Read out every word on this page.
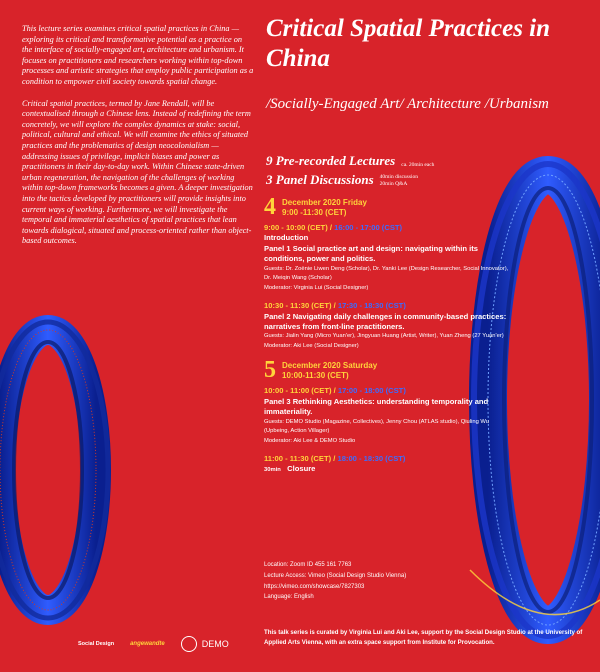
This lecture series examines critical spatial practices in China — exploring its critical and transformative potential as a practice on the interface of socially-engaged art, architecture and urbanism. It focuses on practitioners and researchers working within top-down processes and artistic strategies that employ public participation as a condition to empower civil society towards spatial change.

Critical spatial practices, termed by Jane Rendall, will be contextualised through a Chinese lens. Instead of redefining the term concretely, we will explore the complex dynamics at stake: social, political, cultural and ethical. We will examine the ethics of situated practices and the problematics of design neocolonialism — addressing issues of privilege, implicit biases and power as practitioners in their day-to-day work. Within Chinese state-driven urban regeneration, the navigation of the challenges of working within top-down frameworks becomes a given. A deeper investigation into the tactics developed by practitioners will provide insights into current ways of working. Furthermore, we will investigate the temporal and immaterial aesthetics of spatial practices that lean towards dialogical, situated and process-oriented rather than object-based outcomes.

Critical Spatial Practices in China
/Socially-Engaged Art/ Architecture /Urbanism
9 Pre-recorded Lectures ca. 20min each
3 Panel Discussions 40min discussion
20min Q&A
4 December 2020 Friday
9:00 -11:30 (CET)
9:00 - 10:00 (CET) / 16:00 - 17:00 (CST)
Introduction
Panel 1 Social practice art and design: navigating within its conditions, power and politics.
Guests: Dr. Zoënie Liwen Deng (Scholar), Dr. Yanki Lee (Design Researcher, Social Innovator), Dr. Meiqin Wang (Scholar)
Moderator: Virginia Lui (Social Designer)
10:30 - 11:30 (CET) / 17:30 - 18:30 (CST)
Panel 2 Navigating daily challenges in community-based practices: narratives from front-line practitioners.
Guests: Jialin Yang (Micro Yuan'er), Jingyuan Huang (Artist, Writer), Yuan Zheng (27 Yuan'er)
Moderator: Aki Lee (Social Designer)
5 December 2020 Saturday
10:00-11:30 (CET)
10:00 - 11:00 (CET) / 17:00 - 18:00 (CST)
Panel 3 Rethinking Aesthetics: understanding temporality and immateriality.
Guests: DEMO Studio (Magazine, Collectives), Jenny Chou (ATLAS studio), Qiuling Wu (Upbeing, Action Villager)
Moderator: Aki Lee & DEMO Studio
11:00 - 11:30 (CET) / 18:00 - 18:30 (CST)
30min Closure
Location: Zoom ID 455 161 7763
Lecture Access: Vimeo (Social Design Studio Vienna)
https://vimeo.com/showcase/7827303
Language: English
This talk series is curated by Virginia Lui and Aki Lee, support by the Social Design Studio at the University of Applied Arts Vienna, with an extra space support from Institute for Provocation.
Social Design	angewandte	DEMO
